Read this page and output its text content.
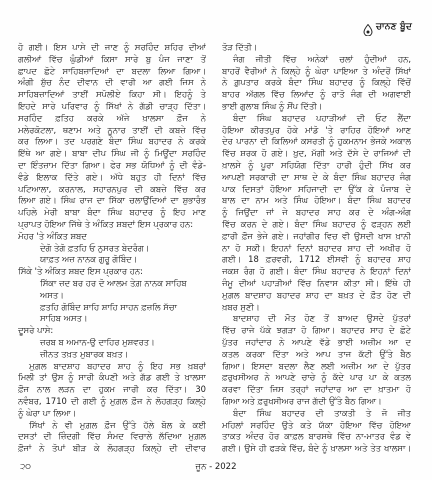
ਚਾਨਣ ਬੂੰਦ
ਹੋ ਗਈ। ਇਸ ਪਾਸੇ ਦੀ ਜਾਣ ਨੂੰ ਸਰਹਿੰਦ ਸ਼ਹਿਰ ਦੀਆਂ
ਗਲੀਆਂ ਵਿੱਚ ਘੁੰਡੀਆਂ ਕਿਸਾ ਸਾਰੇ ਬੁ ਪੰਜ ਜਾਣਾ ਤੋਂ
ਛਾਪਦ ਛੋਟੇ ਸਾਹਿਬਜ਼ਾਦਿਆਂ ਦਾ ਬਦਲਾ ਲਿਆ ਗਿਆ।
ਅੰਗੀ ਸ਼ੁੱਚ ਨੰਦ ਦੀਵਾਨ ਦੀ ਵਾਰੀ ਆ ਗਈ ਜਿਸ ਨੇ
ਸਾਹਿਬਜ਼ਾਦਿਆਂ ਤਾਈਂ ਸਪੋਲੀਏ ਕਿਹਾ ਸੀ। ਇਹਨੂੰ ਤੇ
ਇਹਦੇ ਸਾਰੇ ਪਰਿਵਾਰ ਨੂੰ ਸਿੱਖਾਂ ਨੇ ਗੱਡੀ ਚਾੜ੍ਹ ਦਿੱਤਾ।
ਸਰਹਿੰਦ ਫ਼ਤਿਹ ਕਰਕੇ ਅੱਜੇ ਖ਼ਾਲਸਾ ਫ਼ੌਜ ਨੇ
ਮਲੇਰਕੋਟਲਾ, ਥਣਾਮ ਅਤੇ ਨੂਨਾਰ ਤਾਈਂ ਦੀ ਕਬਜ਼ੇ ਵਿੱਚ
ਕਰ ਲਿਆ। ਤਦ ਪਰਗਣੇ ਬੰਦਾ ਸਿੰਘ ਬਹਾਦਰ ਨੇ ਕਰਕੇ
ਇੱਥੇ ਆ ਗਏ। ਬਾਬਾ ਦੀਪ ਸਿੰਘ ਜੀ ਨੂੰ ਮਿਊਂਦਾ ਸਰਹਿੰਦ
ਦਾ ਇੰਤਜ਼ਾਮ ਦਿੱਤਾ ਗਿਆ। ਫੇਰ ਸਭ ਯੋਧਿਆਂ ਨੂੰ ਦੀ ਵੰਡੇ-
ਵੰਡੇ ਇਲਾਕ ਦਿੱਤੇ ਗਏ। ਅੱਧੇ ਬਹੁਤ ਹੀ ਦਿਨਾਂ ਵਿੱਚ
ਪਟਿਆਲਾ, ਕਰਨਾਲ, ਸਹਾਰਨਪੁਰ ਦੀ ਕਬਜ਼ੇ ਵਿੱਚ ਕਰ
ਲਿਆ ਗਏ। ਸਿੰਘ ਰਾਜ ਦਾ ਸਿੱਕਾ ਚਲਾਉਂਦਿਆਂ ਦਾ ਸ਼ੁਭਾਰੰਭ
ਪਹਿਲੇ ਮੇਰੀ ਬਾਬਾ ਬੰਦਾ ਸਿੰਘ ਬਹਾਦਰ ਨੂੰ ਇਹ ਮਾਣ
ਪ੍ਰਾਪਤ ਹੋਇਆ ਜਿੱਥੇ ਤੇ ਅੰਕਿਤ ਸ਼ਬਦਾਂ ਇਸ ਪ੍ਰਕਾਰ ਹਨ:
ਮੋਹਰ 'ਤੇ ਅੰਕਿਤ ਸ਼ਬਦ
ਦੇਗੋ ਤੇਗੋ ਫ਼ਤਹਿ ਓ ਨੁਸਰਤ ਬੇਦਰੰਗ।
ਯਾਫ਼ਤ ਅਜ਼ ਨਾਨਕ ਗੁਰੂ ਗੋਬਿੰਦ।
ਸਿੱਕੇ 'ਤੇ ਅੰਕਿਤ ਸ਼ਬਦ ਇਸ ਪ੍ਰਕਾਰ ਹਨ:
ਸਿੱਕਾ ਜ਼ਦ ਬਰ ਹਰ ਦੋ ਆਲਮ ਤੇਗ਼ ਨਾਨਕ ਸਾਹਿਬ
ਅਸਤ।
ਫ਼ਤਹਿ ਗੋਬਿੰਦ ਸ਼ਾਹਿ ਸ਼ਾਹਿ ਸਾਹਨ ਫ਼ਜ਼ਲਿ ਸੱਚਾ
ਸਾਹਿਬ ਅਸਤ।
ਦੂਸਰੇ ਪਾਸੇ:
ਜ਼ਰਬ ਬ ਅਮਾਨ-ਉ ਦਾਹਿਰ ਮੁਸ਼ਵਰਤ।
ਜ਼ੀਨਤ ਤਖ਼ਤ ਮੁਬਾਰਕ ਬਖ਼ਤ।
ਮੁਗ਼ਲ ਬਾਦਸ਼ਾਹ ਬਹਾਦਰ ਸ਼ਾਹ ਨੂੰ ਇਹ ਸਭ ਖ਼ਬਰਾਂ
ਮਿਲੀ ਤਾਂ ਉਸ ਨੂੰ ਸਾਰੀ ਕੰਪਣੀ ਅਤੇ ਗੱਡ ਗਈ ਤੇ ਖ਼ਾਲਸਾ
ਫ਼ੌਜ ਨਾਲ ਲੜਨ ਦਾ ਹੁਕਮ ਜਾਰੀ ਕਰ ਦਿੱਤਾ। 30
ਨਵੰਬਰ, 1710 ਦੀ ਗਈ ਨੂੰ ਮੁਗ਼ਲ ਫ਼ੌਜ ਨੇ ਲੋਹਗੜ੍ਹ ਕਿਲ੍ਹੇ
ਨੂੰ ਘੇਰਾ ਪਾ ਲਿਆ।
ਸਿੱਖਾਂ ਨੇ ਵੀ ਮੁਗ਼ਲ ਫ਼ੌਜ ਉੱਤੇ ਹੱਲੇ ਬੋਲ ਕੇ ਕਈ
ਦਸਤਾਂ ਦੀ ਜ਼ਿੰਦਗੀ ਵਿੱਚ ਸੰਮਦ ਵਿਚਾਲੇ ਲੱਦਿਆ ਮੁਗ਼ਲ
ਫ਼ੌਜਾਂ ਨੇ ਤੋਪਾਂ ਬੀੜ ਕੇ ਲੋਹਗੜ੍ਹ ਕਿਲ੍ਹੇ ਦੀ ਦੀਵਾਰ
ਤੋੜ ਦਿੱਤੀ।
ਜੰਗ ਜੀਤੀ ਵਿੱਚ ਅਨੇਕਾਂ ਚਲਾਂ ਹੁੰਦੀਆਂ ਹਨ,
ਬਾਹਰੋਂ ਵੈਰੀਆਂ ਨੇ ਕਿਲ੍ਹੇ ਨੂੰ ਘੇਰਾ ਪਾਇਆ ਤੇ ਅੰਦਰੋਂ ਸਿੱਖਾਂ
ਨੇ ਗ਼ੁਪਤਾਰ ਕਰਕੇ ਬੰਦਾ ਸਿੰਘ ਬਹਾਦਰ ਨੂੰ ਕਿਲ੍ਹੇ ਵਿੱਚੋਂ
ਬਾਹਰ ਅੱਗਲ ਵਿੱਚ ਲਿਆਂਦ ਨੂੰ ਰਾਤੋ ਜੰਗ ਦੀ ਅਗਵਾਈ
ਭਾਈ ਗੁਲਾਬ ਸਿੰਘ ਨੂੰ ਸੌਂਪ ਦਿੱਤੀ।
ਬੰਦਾ ਸਿੰਘ ਬਹਾਦਰ ਪਹਾੜੀਆਂ ਦੀ ਓਟ ਲੈਂਦਾ
ਹੋਇਆ ਕੀਰਤਪੁਰ ਹੋਕੇ ਮਾਂਡੋ 'ਤੇ ਰਾਹਿਰ ਹੋਇਆਂ ਆਣ
ਦੇਰ ਪਾਰਨਾ ਦੀ ਕਿਲਿਆਂ ਕਸਰਤੀ ਨੂੰ ਹੁਕਮਨਾਮ ਭੇਜਕੇ ਅਕਾਲ
ਵਿੱਚ ਸ਼ਰਕ ਹੋ ਗਏ। ਖ਼ੁਦ, ਮੱਗੀ ਅਤੇ ਦੱਸੇ ਦੇ ਰਾਜਿਆਂ ਦੀ
ਖ਼ਾਲਸੇ ਨੂੰ ਪੂਰਾ ਸਹਿਯੋਗ ਦਿੱਤਾ ਹਾਰੀ ਹੁੰਦੀ ਸਿੱਖ ਕਰ
ਆਪਣੀ ਸਰਕਾਰੀ ਦਾ ਸਾਥ ਦੇ ਕੇ ਬੰਦਾ ਸਿੰਘ ਬਹਾਦਰ ਜੰਗ
ਪਾਕ ਦਿਸਤਾਂ ਹੋਇਆ ਸਹਿਜਾਦੀ ਦਾ ਉੱਕ ਕੇ ਪੰਜਾਬ ਦੇ
ਬਾਲ ਦਾ ਨਾਮ ਅਤੇ ਸਿੰਘ ਹੋਇਆ। ਬੰਦਾ ਸਿੰਘ ਬਹਾਦਰ
ਨੂੰ ਜਿਉਂਦਾ ਜਾਂ ਜੇ ਬਹਾਦਰ ਸਾਹ ਕਰ ਦੇ ਅੰਗ-ਅੰਗ
ਵਿੱਚ ਕਰਨ ਦੇ ਗਏ। ਬੰਦਾ ਸਿੰਘ ਬਹਾਦਰ ਨੂੰ ਫੜ੍ਹਨ ਲਈ
ਫ਼ਾਰੀ ਫ਼ੌਜ ਭੇਜੇ ਗਏ। ਜਹਾਂਗੀਰ ਵਿਚ ਵੀ ਉਸਦੀ ਖਾਸ ਖ਼ਾਨੀ
ਨਾ ਹੋ ਸਕੀ। ਇਹਨਾਂ ਦਿਨਾਂ ਬਹਾਦਰ ਸ਼ਾਹ ਦੀ ਅਖੀਰ ਹੋ
ਗਈ। 18 ਫ਼ਰਵਰੀ, 1712 ਈਸਵੀ ਨੂੰ ਬਹਾਦਰ ਸ਼ਾਹ
ਜਕਸ਼ ਰੰਗ ਹੋ ਗਈ। ਬੰਦਾ ਸਿੰਘ ਬਹਾਦਰ ਨੇ ਇਹਨਾਂ ਦਿਨਾਂ
ਜੰਮੂ ਦੀਆਂ ਪਹਾੜੀਆਂ ਵਿੱਚ ਨਿਵਾਸ ਕੀਤਾ ਸੀ। ਇੱਥੇ ਹੀ
ਮੁਗ਼ਲ ਬਾਦਸ਼ਾਹ ਬਹਾਦਰ ਸ਼ਾਹ ਦਾ ਬਖ਼ਤ ਦੇ ਫ਼ੌਤ ਹੋਣ ਦੀ
ਖ਼ਬਰ ਸੁਣੀ।
ਬਾਦਸ਼ਾਹ ਦੀ ਮੌਤ ਹੋਣ ਤੋਂ ਬਾਅਦ ਉਸਦੇ ਪੁੱਤਰਾਂ
ਵਿੱਚ ਰਾਜੇ ਪੱਕੇ ਝਗੜਾ ਹੋ ਗਿਆ। ਬਹਾਦਰ ਸਾਹ ਦੇ ਛੋਟੇ
ਪੁੱਤਰ ਜਹਾਂਦਾਰ ਨੇ ਆਪਣੇ ਵੱਡੇ ਭਾਈ ਅਜ਼ੀਮ ਆ ਦ
ਕਤਲ ਕਰਕਾ ਦਿੱਤਾ ਅਤੇ ਆਪ ਤਾਜ ਕੱਟੀ ਉੱਤੇ ਬੈਠ
ਗਿਆ। ਇਸਦਾ ਬਦਲਾ ਲੈਣ ਲਈ ਅਜ਼ੀਮ ਆ ਦੇ ਪੁੱਤਰ
ਫ਼ਰੁਖਸੀਅਰ ਨੇ ਆਪਣੇ ਚਾਚੇ ਨੂੰ ਕੱਦੇ ਪਾਰ ਪਾ ਕੇ ਕਤਲ
ਕਰਵਾ ਦਿੱਤਾ ਜਿਸ ਤਰ੍ਹਾਂ ਜਹਾਂਦਾਰ ਆ ਦਾ ਖ਼ਾਤਮਾ ਹੋ
ਗਿਆ ਅਤੇ ਫ਼ਰੁਖਸੀਅਰ ਰਾਜ ਗੱਦੀ ਉੱਤੇ ਬੈਠ ਗਿਆ।
ਬੰਦਾ ਸਿੰਘ ਬਹਾਦਰ ਦੀ ਤਾਕਤੀ ਤੇ ਜੋ ਜੀਤ
ਮਹਿਲਾਂ ਸਰਹਿੰਦ ਉਤੇ ਕਤੇ ਯੱਕਾ ਹੋਇਆ ਵਿੱਚ ਹੋਇਆ
ਤਾਕਤ ਅੰਦਰ ਹੋਰ ਕਾਫ਼ਲ ਬਾਰਸਥੇ ਵਿੱਚ ਨਾ-ਮਾਤਰ ਵੰਡ ਵੇ
ਗਈ। ਉਸੇ ਹੀ ਫੜਕੇ ਵਿੱਚ, ਬੰਦੇ ਨੂੰ ਖ਼ਾਲਸਾ ਅਤੇ ਤੇਤ ਖਾਲਸਾ।
੨੦	ਜੂਨ - 2022
